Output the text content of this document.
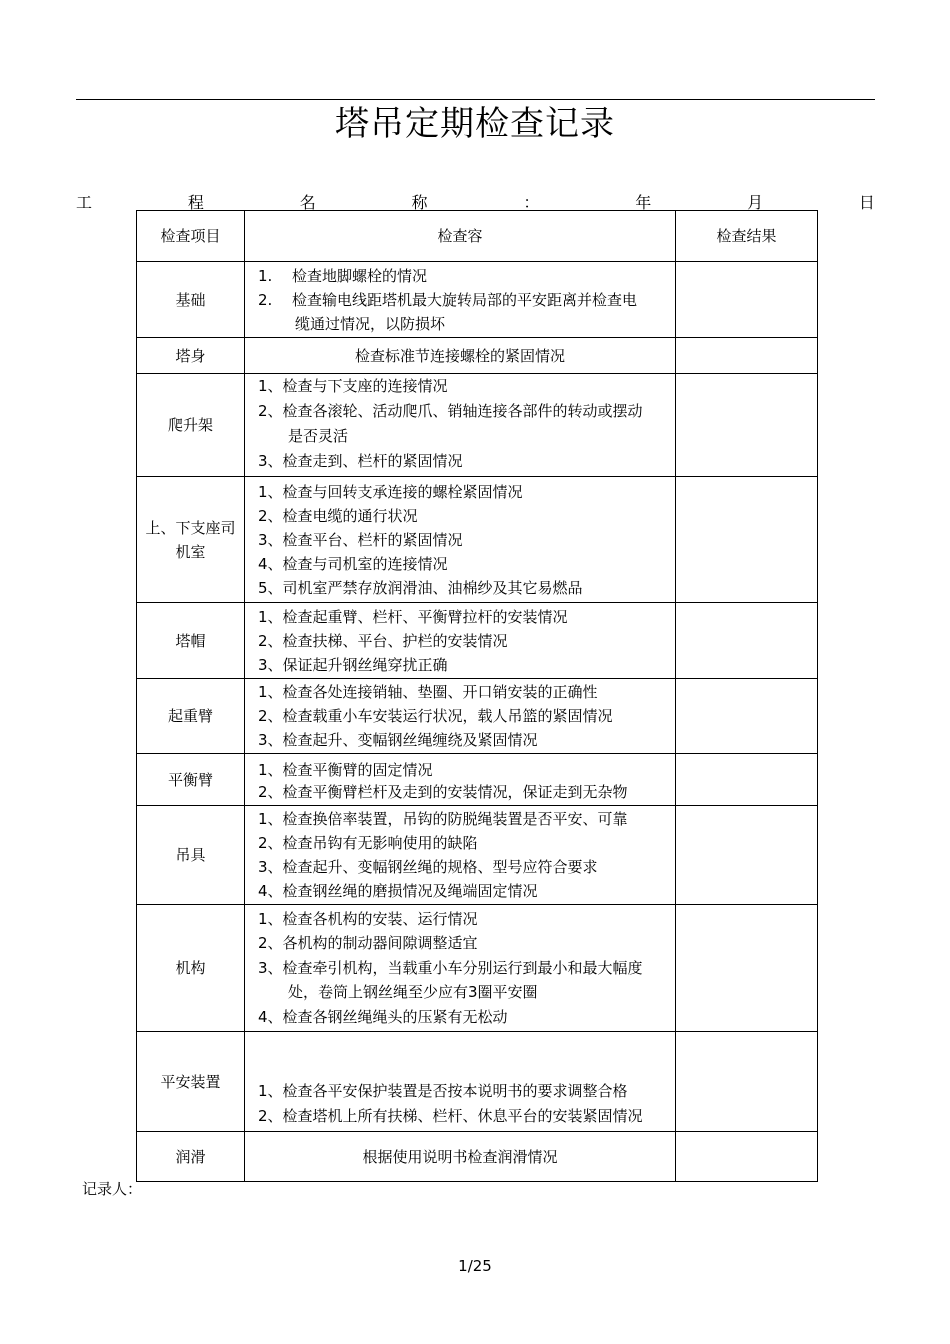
塔吊定期检查记录
工	程	名	称	：	年	月	日
检查项目	检查容	检查结果
基础	1. 检查地脚螺栓的情况
2. 检查输电线距塔机最大旋转局部的平安距离并检查电
缆通过情况，以防损坏	

塔身	检查标准节连接螺栓的紧固情况	
爬升架	1、检查与下支座的连接情况
2、检查各滚轮、活动爬爪、销轴连接各部件的转动或摆动
是否灵活
3、检查走到、栏杆的紧固情况	

上、下支座司机室	1、检查与回转支承连接的螺栓紧固情况
2、检查电缆的通行状况
3、检查平台、栏杆的紧固情况
4、检查与司机室的连接情况
5、司机室严禁存放润滑油、油棉纱及其它易燃品	

塔帽	1、检查起重臂、栏杆、平衡臂拉杆的安装情况
2、检查扶梯、平台、护栏的安装情况
3、保证起升钢丝绳穿扰正确	

起重臂	1、检查各处连接销轴、垫圈、开口销安装的正确性
2、检查载重小车安装运行状况，载人吊篮的紧固情况
3、检查起升、变幅钢丝绳缠绕及紧固情况	

平衡臂	1、检查平衡臂的固定情况
2、检查平衡臂栏杆及走到的安装情况，保证走到无杂物	

吊具	1、检查换倍率装置，吊钩的防脱绳装置是否平安、可靠
2、检查吊钩有无影响使用的缺陷
3、检查起升、变幅钢丝绳的规格、型号应符合要求
4、检查钢丝绳的磨损情况及绳端固定情况	

机构	1、检查各机构的安装、运行情况
2、各机构的制动器间隙调整适宜
3、检查牵引机构，当载重小车分别运行到最小和最大幅度
处，卷筒上钢丝绳至少应有3圈平安圈
4、检查各钢丝绳绳头的压紧有无松动	

平安装置	1、检查各平安保护装置是否按本说明书的要求调整合格
2、检查塔机上所有扶梯、栏杆、休息平台的安装紧固情况	

润滑	根据使用说明书检查润滑情况	
记录人：
1/25
